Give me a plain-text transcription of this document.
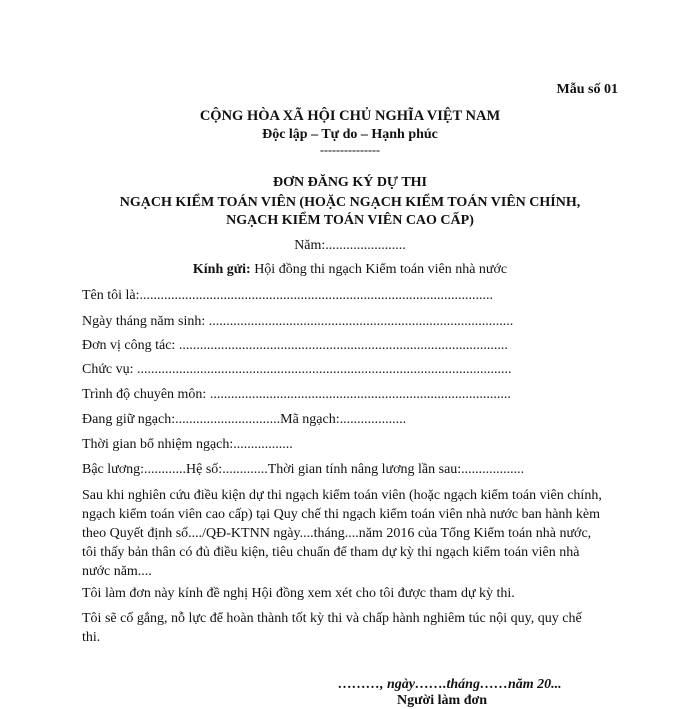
Mẫu số 01
CỘNG HÒA XÃ HỘI CHỦ NGHĨA VIỆT NAM
Độc lập – Tự do – Hạnh phúc
---------------
ĐƠN ĐĂNG KÝ DỰ THI
NGẠCH KIỂM TOÁN VIÊN (HOẶC NGẠCH KIỂM TOÁN VIÊN CHÍNH,
NGẠCH KIỂM TOÁN VIÊN CAO CẤP)
Năm:.......................
Kính gửi: Hội đồng thi ngạch Kiểm toán viên nhà nước
Tên tôi là:.....................................................................................................
Ngày tháng năm sinh: .......................................................................................
Đơn vị công tác: ..............................................................................................
Chức vụ: ...........................................................................................................
Trình độ chuyên môn: ......................................................................................
Đang giữ ngạch:..............................Mã ngạch:...................
Thời gian bổ nhiệm ngạch:.................
Bậc lương:............Hệ số:.............Thời gian tính nâng lương lần sau:..................
Sau khi nghiên cứu điều kiện dự thi ngạch kiểm toán viên (hoặc ngạch kiểm toán viên chính, ngạch kiểm toán viên cao cấp) tại Quy chế thi ngạch kiểm toán viên nhà nước ban hành kèm theo Quyết định số..../QĐ-KTNN ngày....tháng....năm 2016 của Tổng Kiểm toán nhà nước, tôi thấy bản thân có đủ điều kiện, tiêu chuẩn để tham dự kỳ thi ngạch kiểm toán viên nhà nước năm....
Tôi làm đơn này kính đề nghị Hội đồng xem xét cho tôi được tham dự kỳ thi.
Tôi sẽ cố gắng, nỗ lực để hoàn thành tốt kỳ thi và chấp hành nghiêm túc nội quy, quy chế thi.
………, ngày…….tháng……năm 20...
Người làm đơn
